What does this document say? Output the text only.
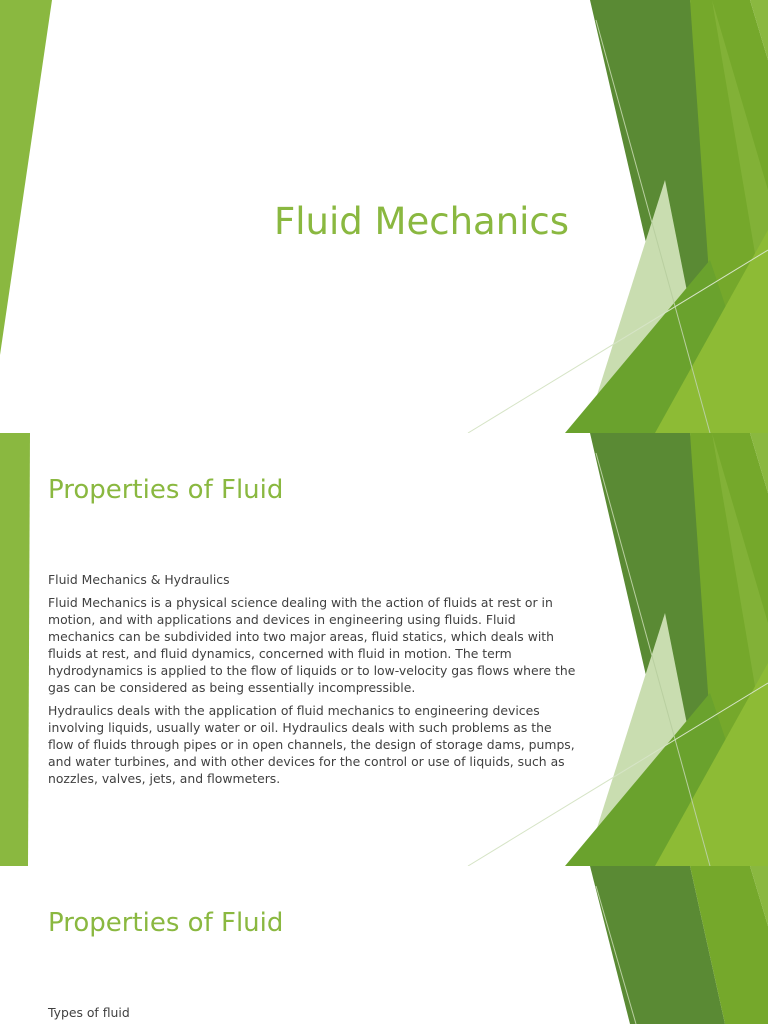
Fluid Mechanics
Properties of Fluid

Fluid Mechanics & Hydraulics

Fluid Mechanics is a physical science dealing with the action of fluids at rest or in motion, and with applications and devices in engineering using fluids. Fluid mechanics can be subdivided into two major areas, fluid statics, which deals with fluids at rest, and fluid dynamics, concerned with fluid in motion. The term hydrodynamics is applied to the flow of liquids or to low-velocity gas flows where the gas can be considered as being essentially incompressible.

Hydraulics deals with the application of fluid mechanics to engineering devices involving liquids, usually water or oil. Hydraulics deals with such problems as the flow of fluids through pipes or in open channels, the design of storage dams, pumps, and water turbines, and with other devices for the control or use of liquids, such as nozzles, valves, jets, and flowmeters.

Properties of Fluid

Types of fluid
